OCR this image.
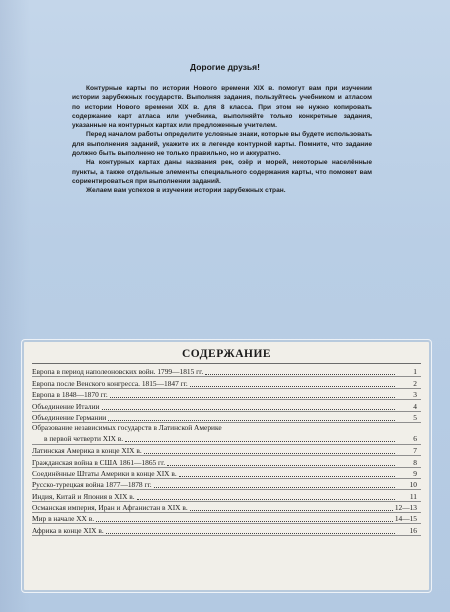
Дорогие друзья!

Контурные карты по истории Нового времени XIX в. помогут вам при изучении истории зарубежных государств. Выполняя задания, пользуйтесь учебником и атласом по истории Нового времени XIX в. для 8 класса. При этом не нужно копировать содержание карт атласа или учебника, выполняйте только конкретные задания, указанные на контурных картах или предложенные учителем.

Перед началом работы определите условные знаки, которые вы будете использовать для выполнения заданий, укажите их в легенде контурной карты. Помните, что задание должно быть выполнено не только правильно, но и аккуратно.

На контурных картах даны названия рек, озёр и морей, некоторые населённые пункты, а также отдельные элементы специального содержания карты, что поможет вам сориентироваться при выполнении заданий.

Желаем вам успехов в изучении истории зарубежных стран.

СОДЕРЖАНИЕ
Европа в период наполеоновских войн. 1799—1815 гг.	1
Европа после Венского конгресса. 1815—1847 гг.	2
Европа в 1848—1870 гг.	3
Объединение Италии	4
Объединение Германии	5
Образование независимых государств в Латинской Америке
в первой четверти XIX в.	6
Латинская Америка в конце XIX в.	7
Гражданская война в США 1861—1865 гг.	8
Соединённые Штаты Америки в конце XIX в.	9
Русско-турецкая война 1877—1878 гг.	10
Индия, Китай и Япония в XIX в.	11
Османская империя, Иран и Афганистан в XIX в.	12—13
Мир в начале XX в.	14—15
Африка в конце XIX в.	16
